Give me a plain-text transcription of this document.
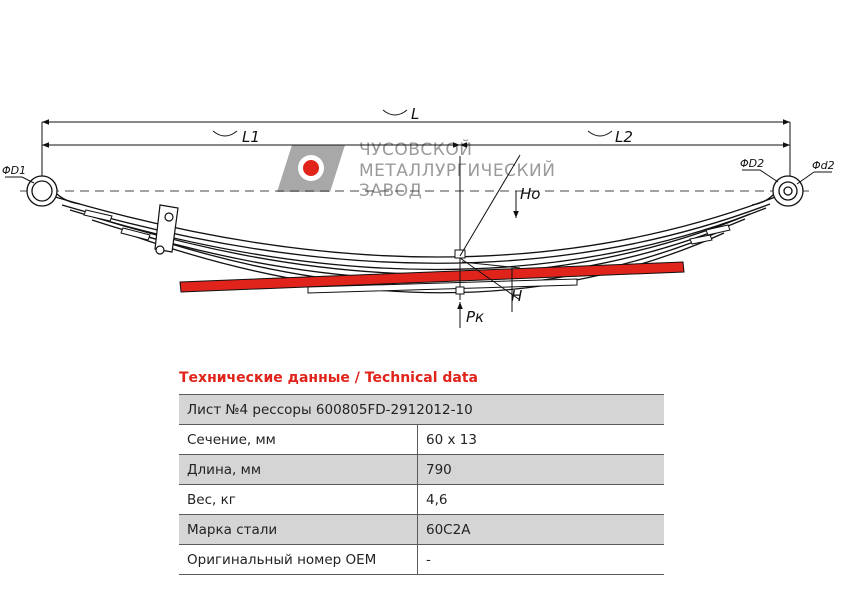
ЧУСОВСКОЙ
МЕТАЛЛУРГИЧЕСКИЙ
ЗАВОД
L
L1	L2
ΦD1
ΦD2	Φd2
Ho
H
Pк
Технические данные / Technical data
Лист №4 рессоры 600805FD-2912012-10	
Сечение, мм	60 x 13
Длина, мм	790
Вес, кг	4,6
Марка стали	60С2А
Оригинальный номер OEM	-
